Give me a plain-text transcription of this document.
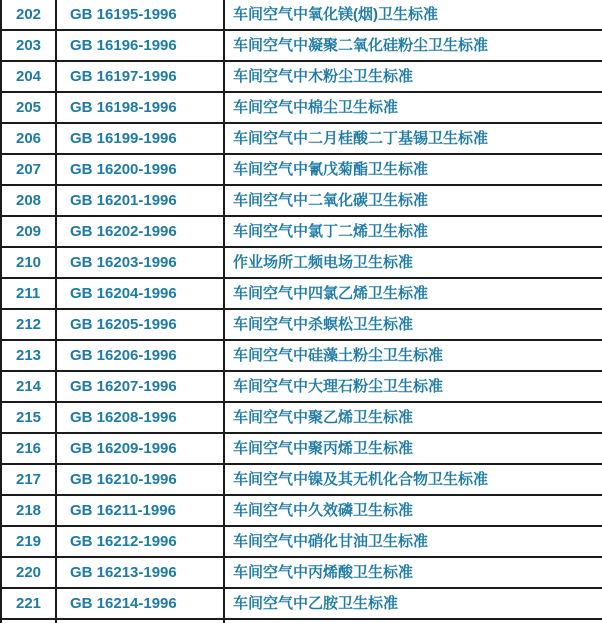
202 GB 16195-1996	车间空气中氧化镁(烟)卫生标准
203 GB 16196-1996	车间空气中凝聚二氧化硅粉尘卫生标准
204 GB 16197-1996	车间空气中木粉尘卫生标准
205 GB 16198-1996	车间空气中棉尘卫生标准
206 GB 16199-1996	车间空气中二月桂酸二丁基锡卫生标准
207 GB 16200-1996	车间空气中氰戊菊酯卫生标准
208 GB 16201-1996	车间空气中二氧化碳卫生标准
209 GB 16202-1996	车间空气中氯丁二烯卫生标准
210 GB 16203-1996	作业场所工频电场卫生标准
211 GB 16204-1996	车间空气中四氯乙烯卫生标准
212 GB 16205-1996	车间空气中杀螟松卫生标准
213 GB 16206-1996	车间空气中硅藻土粉尘卫生标准
214 GB 16207-1996	车间空气中大理石粉尘卫生标准
215 GB 16208-1996	车间空气中聚乙烯卫生标准
216 GB 16209-1996	车间空气中聚丙烯卫生标准
217 GB 16210-1996	车间空气中镍及其无机化合物卫生标准
218 GB 16211-1996	车间空气中久效磷卫生标准
219 GB 16212-1996	车间空气中硝化甘油卫生标准
220 GB 16213-1996	车间空气中丙烯酸卫生标准
221 GB 16214-1996	车间空气中乙胺卫生标准
